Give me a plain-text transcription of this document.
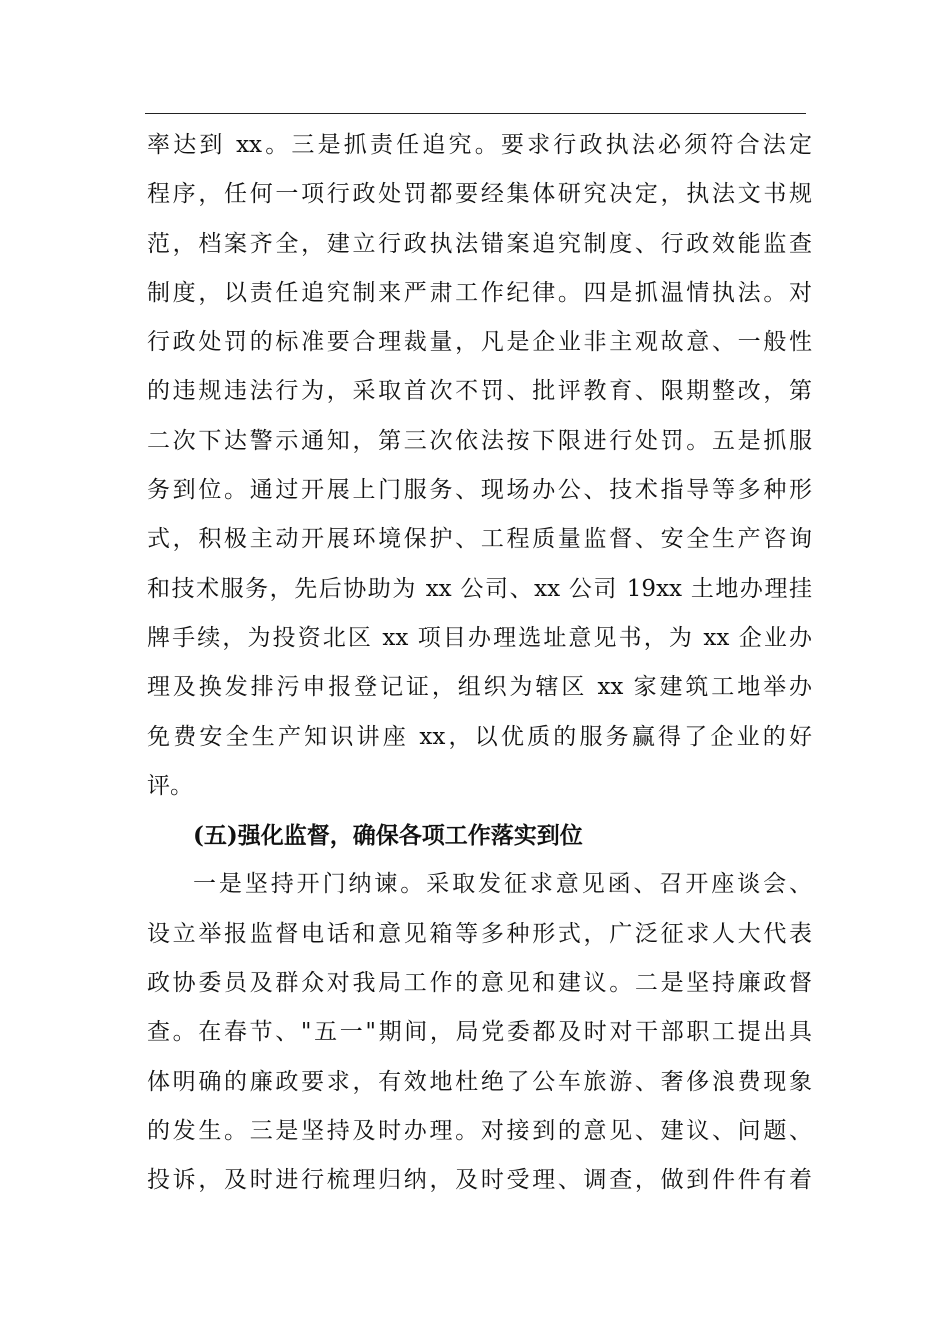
率达到 xx。三是抓责任追究。要求行政执法必须符合法定
程序，任何一项行政处罚都要经集体研究决定，执法文书规
范，档案齐全，建立行政执法错案追究制度、行政效能监查
制度，以责任追究制来严肃工作纪律。四是抓温情执法。对
行政处罚的标准要合理裁量，凡是企业非主观故意、一般性
的违规违法行为，采取首次不罚、批评教育、限期整改，第
二次下达警示通知，第三次依法按下限进行处罚。五是抓服
务到位。通过开展上门服务、现场办公、技术指导等多种形
式，积极主动开展环境保护、工程质量监督、安全生产咨询
和技术服务，先后协助为 xx 公司、xx 公司 19xx 土地办理挂
牌手续，为投资北区 xx 项目办理选址意见书，为 xx 企业办
理及换发排污申报登记证，组织为辖区 xx 家建筑工地举办
免费安全生产知识讲座 xx，以优质的服务赢得了企业的好
评。
(五)强化监督，确保各项工作落实到位
一是坚持开门纳谏。采取发征求意见函、召开座谈会、
设立举报监督电话和意见箱等多种形式，广泛征求人大代表
政协委员及群众对我局工作的意见和建议。二是坚持廉政督
查。在春节、"五一"期间，局党委都及时对干部职工提出具
体明确的廉政要求，有效地杜绝了公车旅游、奢侈浪费现象
的发生。三是坚持及时办理。对接到的意见、建议、问题、
投诉，及时进行梳理归纳，及时受理、调查，做到件件有着
